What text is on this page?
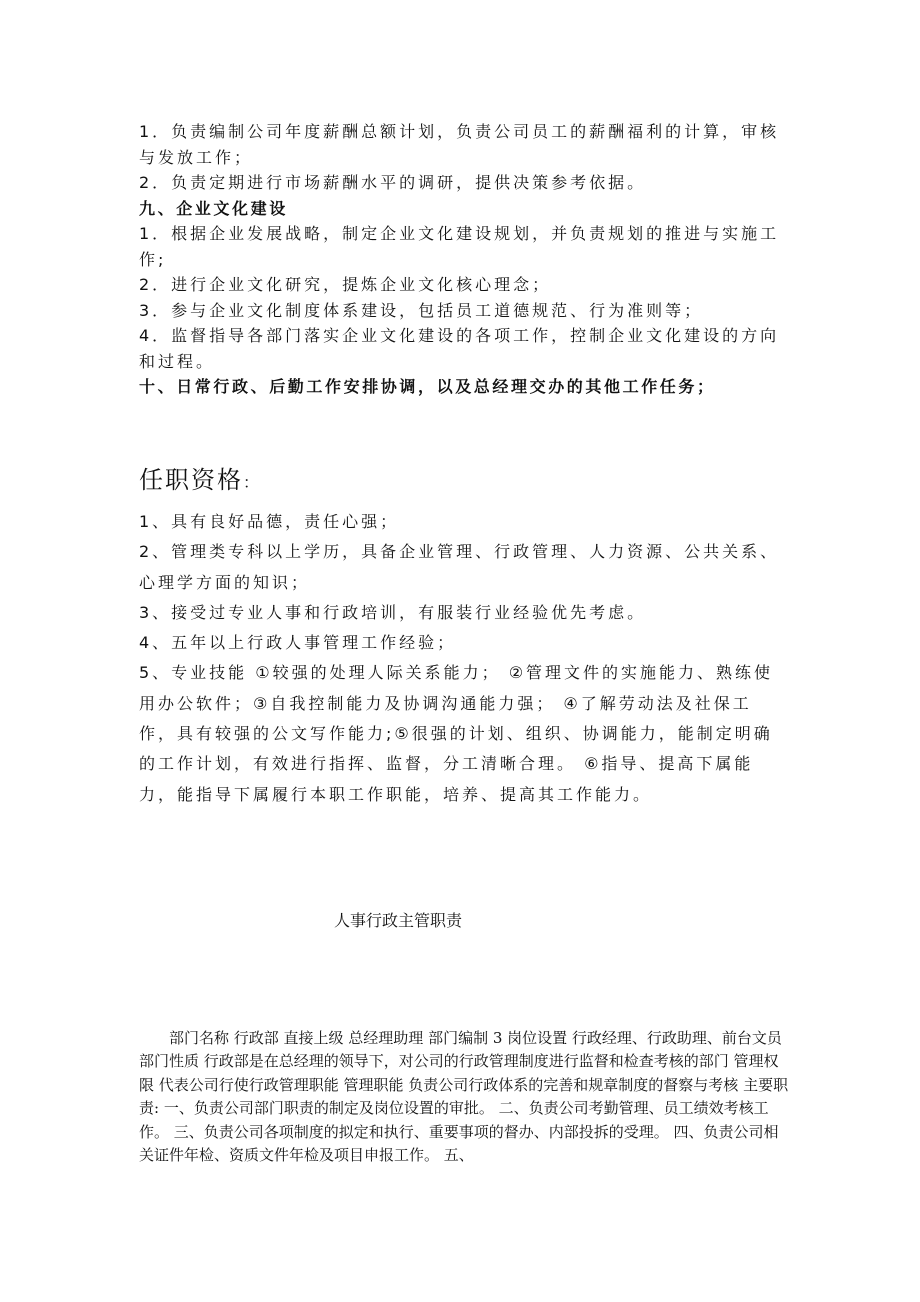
1．负责编制公司年度薪酬总额计划，负责公司员工的薪酬福利的计算，审核与发放工作；

2．负责定期进行市场薪酬水平的调研，提供决策参考依据。

九、企业文化建设

1．根据企业发展战略，制定企业文化建设规划，并负责规划的推进与实施工作;

2．进行企业文化研究，提炼企业文化核心理念；

3．参与企业文化制度体系建设，包括员工道德规范、行为准则等；

4．监督指导各部门落实企业文化建设的各项工作，控制企业文化建设的方向和过程。

十、日常行政、后勤工作安排协调，以及总经理交办的其他工作任务；

任职资格：

1、具有良好品德，责任心强；

2、管理类专科以上学历，具备企业管理、行政管理、人力资源、公共关系、心理学方面的知识；

3、接受过专业人事和行政培训，有服装行业经验优先考虑。

4、五年以上行政人事管理工作经验；

5、专业技能 ①较强的处理人际关系能力； ②管理文件的实施能力、熟练使用办公软件；③自我控制能力及协调沟通能力强； ④了解劳动法及社保工作，具有较强的公文写作能力;⑤很强的计划、组织、协调能力，能制定明确的工作计划，有效进行指挥、监督，分工清晰合理。 ⑥指导、提高下属能力，能指导下属履行本职工作职能，培养、提高其工作能力。

人事行政主管职责

部门名称 行政部 直接上级 总经理助理 部门编制 3 岗位设置 行政经理、行政助理、前台文员 部门性质 行政部是在总经理的领导下，对公司的行政管理制度进行监督和检查考核的部门 管理权限 代表公司行使行政管理职能 管理职能 负责公司行政体系的完善和规章制度的督察与考核 主要职责: 一、负责公司部门职责的制定及岗位设置的审批。 二、负责公司考勤管理、员工绩效考核工作。 三、负责公司各项制度的拟定和执行、重要事项的督办、内部投拆的受理。 四、负责公司相关证件年检、资质文件年检及项目申报工作。 五、
